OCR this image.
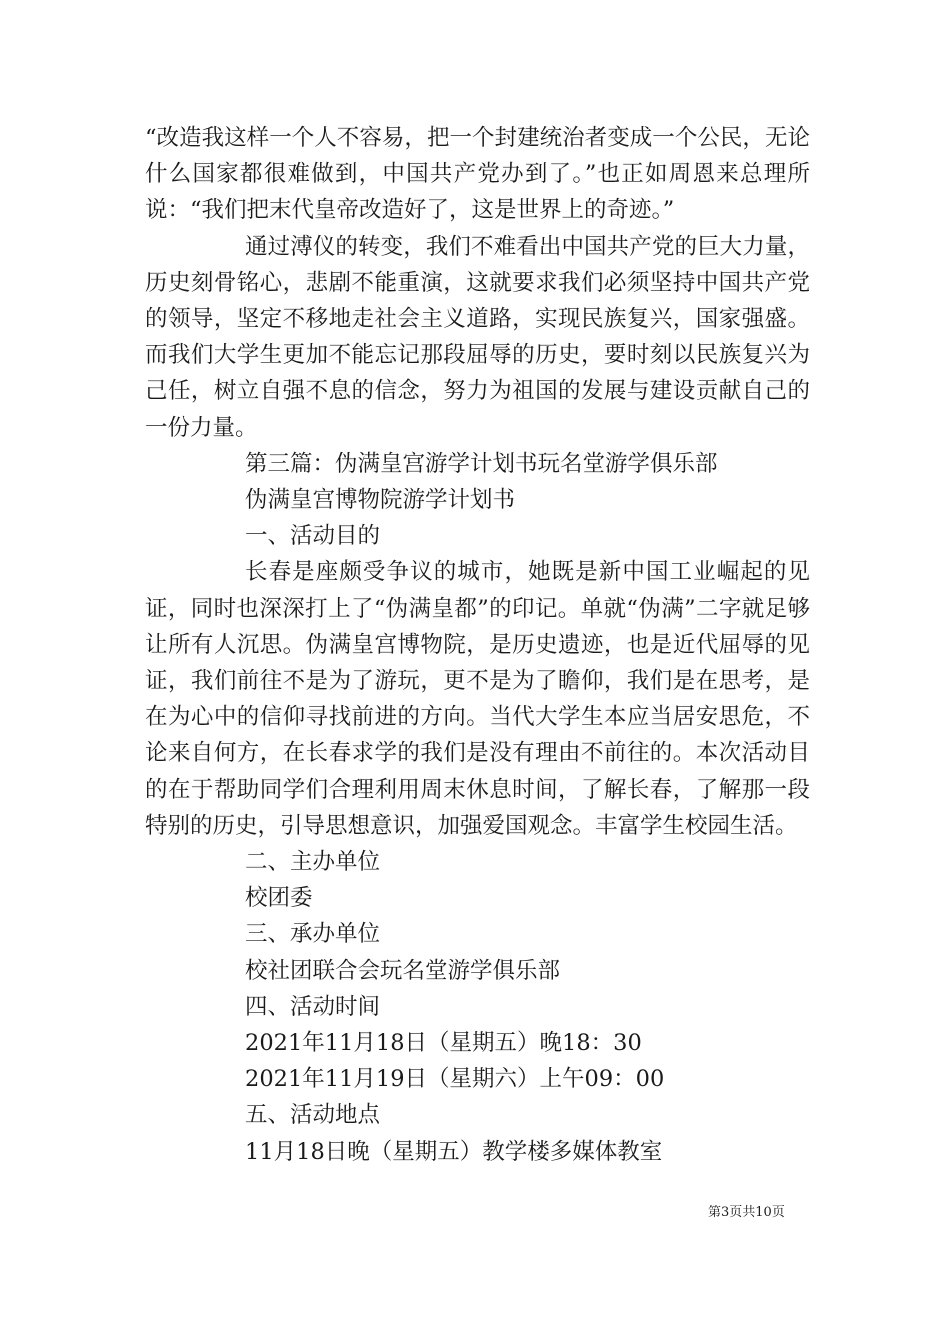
“改造我这样一个人不容易，把一个封建统治者变成一个公民，无论什么国家都很难做到，中国共产党办到了。”也正如周恩来总理所说：“我们把末代皇帝改造好了，这是世界上的奇迹。”

通过溥仪的转变，我们不难看出中国共产党的巨大力量，历史刻骨铭心，悲剧不能重演，这就要求我们必须坚持中国共产党的领导，坚定不移地走社会主义道路，实现民族复兴，国家强盛。而我们大学生更加不能忘记那段屈辱的历史，要时刻以民族复兴为己任，树立自强不息的信念，努力为祖国的发展与建设贡献自己的一份力量。

第三篇：伪满皇宫游学计划书玩名堂游学俱乐部

伪满皇宫博物院游学计划书

一、活动目的

长春是座颇受争议的城市，她既是新中国工业崛起的见证，同时也深深打上了“伪满皇都”的印记。单就“伪满”二字就足够让所有人沉思。伪满皇宫博物院，是历史遗迹，也是近代屈辱的见证，我们前往不是为了游玩，更不是为了瞻仰，我们是在思考，是在为心中的信仰寻找前进的方向。当代大学生本应当居安思危，不论来自何方，在长春求学的我们是没有理由不前往的。本次活动目的在于帮助同学们合理利用周末休息时间，了解长春，了解那一段特别的历史，引导思想意识，加强爱国观念。丰富学生校园生活。

二、主办单位

校团委

三、承办单位

校社团联合会玩名堂游学俱乐部

四、活动时间

2021年11月18日（星期五）晚18：30

2021年11月19日（星期六）上午09：00

五、活动地点

11月18日晚（星期五）教学楼多媒体教室

第3页共10页
